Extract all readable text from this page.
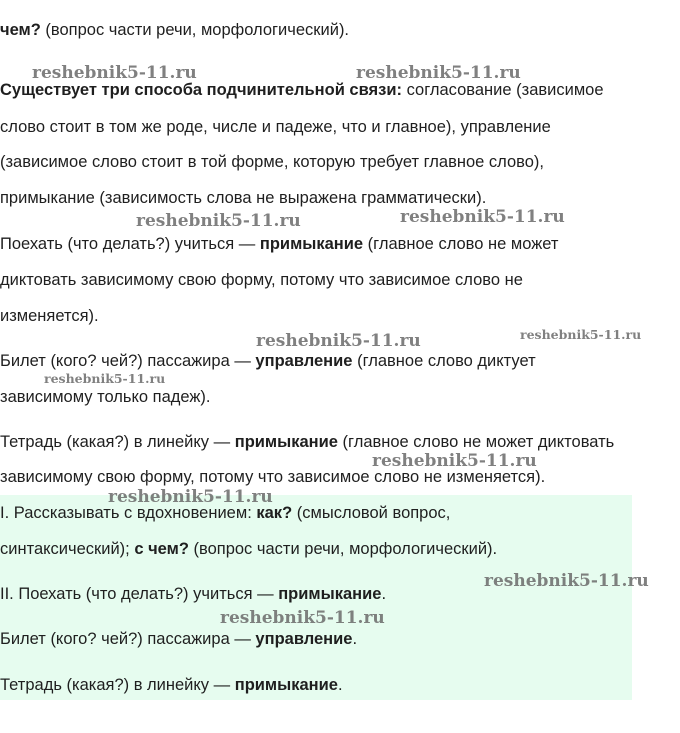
чем? (вопрос части речи, морфологический).
Существует три способа подчинительной связи: согласование (зависимое
слово стоит в том же роде, числе и падеже, что и главное), управление
(зависимое слово стоит в той форме, которую требует главное слово),
примыкание (зависимость слова не выражена грамматически).
Поехать (что делать?) учиться — примыкание (главное слово не может
диктовать зависимому свою форму, потому что зависимое слово не
изменяется).
Билет (кого? чей?) пассажира — управление (главное слово диктует
зависимому только падеж).
Тетрадь (какая?) в линейку — примыкание (главное слово не может диктовать
зависимому свою форму, потому что зависимое слово не изменяется).
I. Рассказывать с вдохновением: как? (смысловой вопрос,
синтаксический); с чем? (вопрос части речи, морфологический).
II. Поехать (что делать?) учиться — примыкание.
Билет (кого? чей?) пассажира — управление.
Тетрадь (какая?) в линейку — примыкание.
reshebnik5-11.ru	reshebnik5-11.ru
reshebnik5-11.ru	reshebnik5-11.ru
reshebnik5-11.ru	reshebnik5-11.ru
reshebnik5-11.ru
reshebnik5-11.ru
reshebnik5-11.ru
reshebnik5-11.ru
reshebnik5-11.ru
